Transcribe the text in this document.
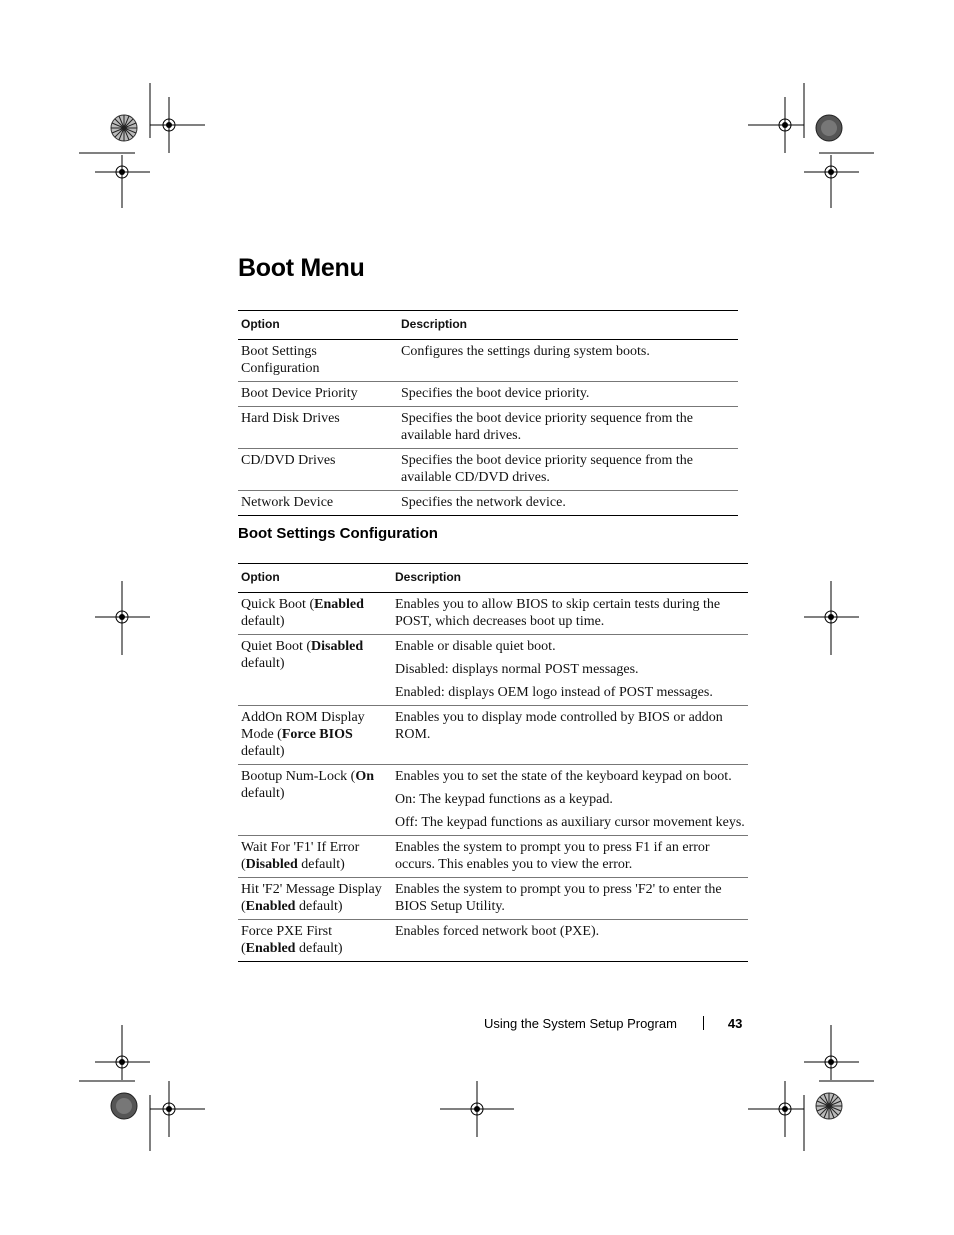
Boot Menu
Option	Description
Boot Settings Configuration	Configures the settings during system boots.

Boot Device Priority	Specifies the boot device priority.

Hard Disk Drives	Specifies the boot device priority sequence from the available hard drives.

CD/DVD Drives	Specifies the boot device priority sequence from the available CD/DVD drives.

Network Device	Specifies the network device.

Boot Settings Configuration
Option	Description
Quick Boot (Enabled default)	Enables you to allow BIOS to skip certain tests during the POST, which decreases boot up time.

Quiet Boot (Disabled default)	Enable or disable quiet boot.

Disabled: displays normal POST messages.

Enabled: displays OEM logo instead of POST messages.

AddOn ROM Display Mode (Force BIOS default)	Enables you to display mode controlled by BIOS or addon ROM.

Bootup Num-Lock (On default)	Enables you to set the state of the keyboard keypad on boot.

On: The keypad functions as a keypad.

Off: The keypad functions as auxiliary cursor movement keys.

Wait For 'F1' If Error (Disabled default)	Enables the system to prompt you to press F1 if an error occurs. This enables you to view the error.

Hit 'F2' Message Display (Enabled default)	Enables the system to prompt you to press 'F2' to enter the BIOS Setup Utility.

Force PXE First (Enabled default)	Enables forced network boot (PXE).

Using the System Setup Program	43
